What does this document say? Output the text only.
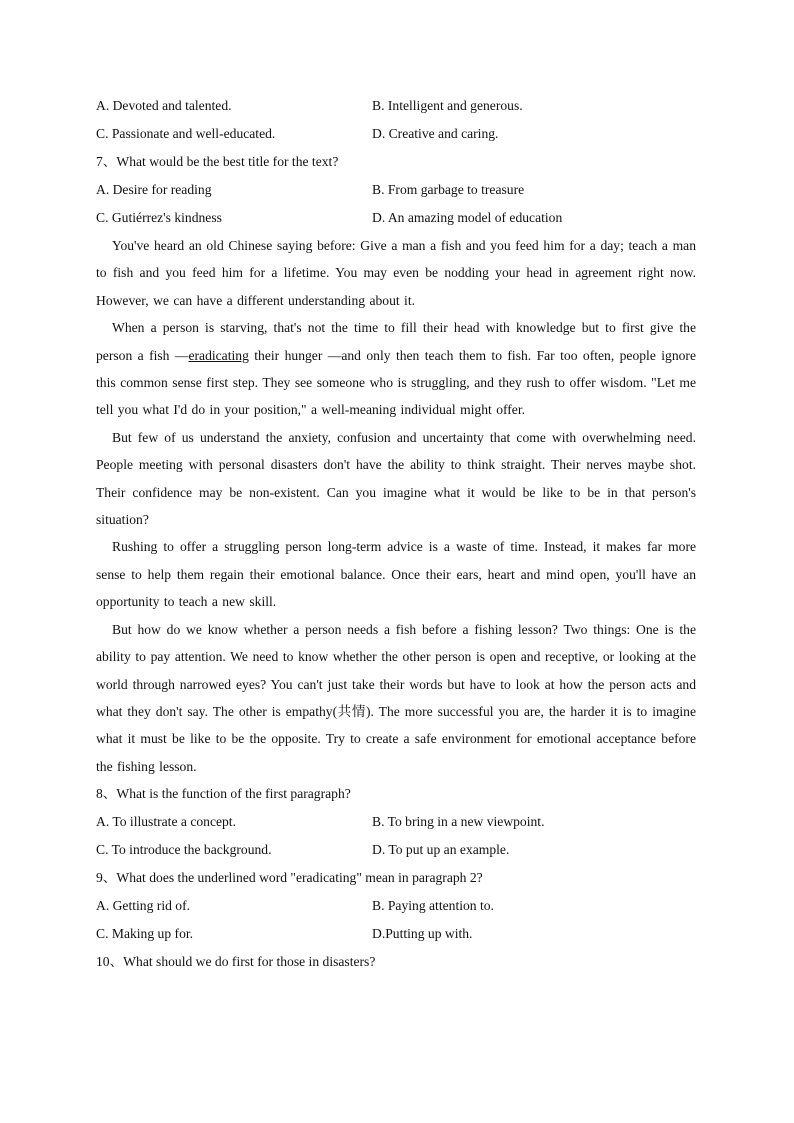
A. Devoted and talented.	B. Intelligent and generous.
C. Passionate and well-educated.	D. Creative and caring.
7、What would be the best title for the text?
A. Desire for reading	B. From garbage to treasure
C. Gutiérrez's kindness	D. An amazing model of education

You've heard an old Chinese saying before: Give a man a fish and you feed him for a day; teach a man to fish and you feed him for a lifetime. You may even be nodding your head in agreement right now. However, we can have a different understanding about it.

When a person is starving, that's not the time to fill their head with knowledge but to first give the person a fish —eradicating their hunger —and only then teach them to fish. Far too often, people ignore this common sense first step. They see someone who is struggling, and they rush to offer wisdom. "Let me tell you what I'd do in your position," a well-meaning individual might offer.

But few of us understand the anxiety, confusion and uncertainty that come with overwhelming need. People meeting with personal disasters don't have the ability to think straight. Their nerves maybe shot. Their confidence may be non-existent. Can you imagine what it would be like to be in that person's situation?

Rushing to offer a struggling person long-term advice is a waste of time. Instead, it makes far more sense to help them regain their emotional balance. Once their ears, heart and mind open, you'll have an opportunity to teach a new skill.

But how do we know whether a person needs a fish before a fishing lesson? Two things: One is the ability to pay attention. We need to know whether the other person is open and receptive, or looking at the world through narrowed eyes? You can't just take their words but have to look at how the person acts and what they don't say. The other is empathy(共情). The more successful you are, the harder it is to imagine what it must be like to be the opposite. Try to create a safe environment for emotional acceptance before the fishing lesson.

8、What is the function of the first paragraph?
A. To illustrate a concept.	B. To bring in a new viewpoint.
C. To introduce the background.	D. To put up an example.
9、What does the underlined word "eradicating" mean in paragraph 2?
A. Getting rid of.	B. Paying attention to.
C. Making up for.	D.Putting up with.
10、What should we do first for those in disasters?
